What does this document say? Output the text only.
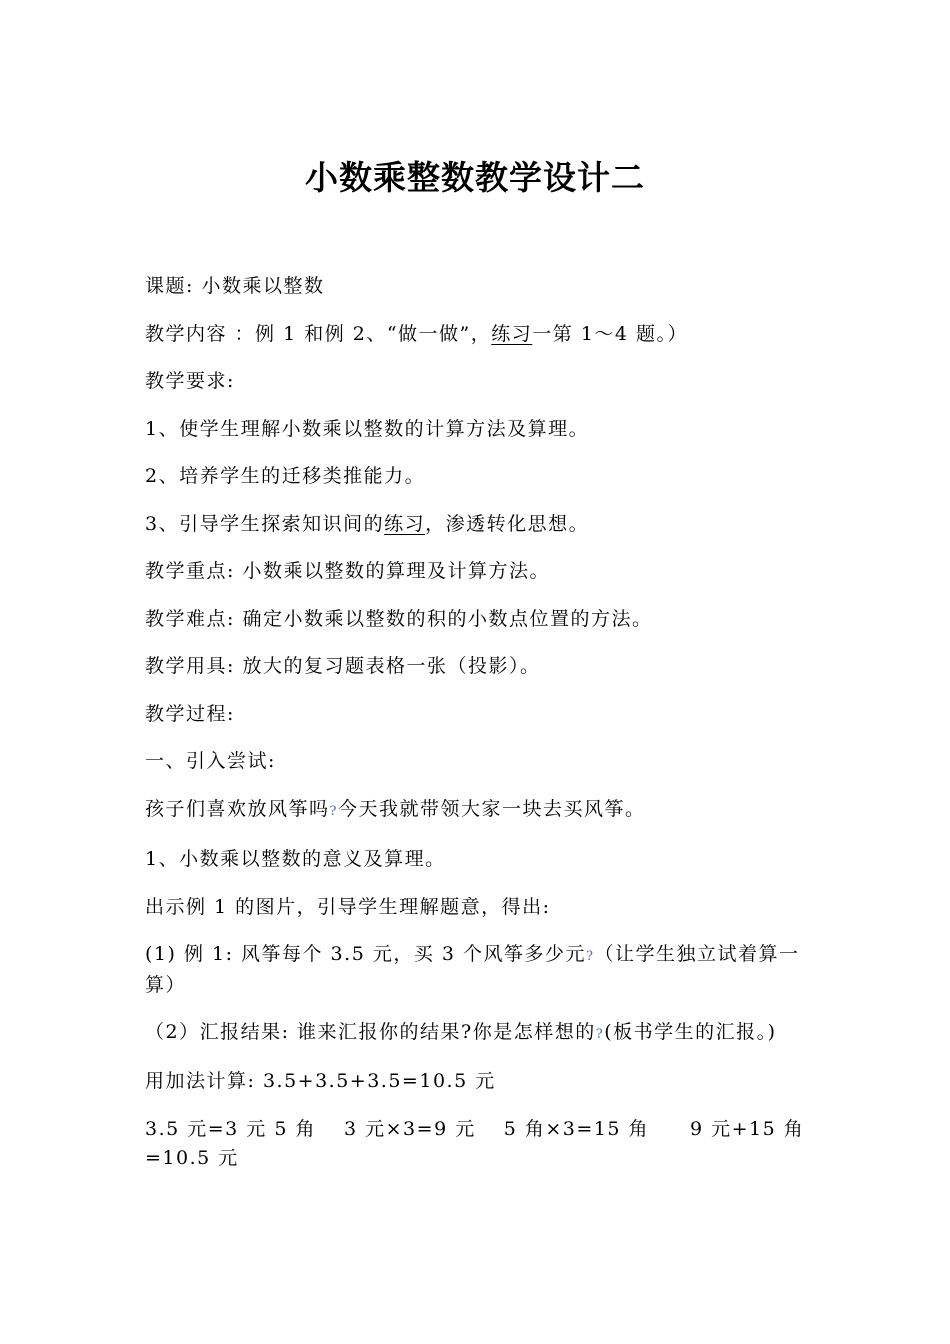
小数乘整数教学设计二

课题: 小数乘以整数

教学内容 ：例 1 和例 2、“做一做”，练习一第 1～4 题。）

教学要求:

1、使学生理解小数乘以整数的计算方法及算理。

2、培养学生的迁移类推能力。

3、引导学生探索知识间的练习，渗透转化思想。

教学重点: 小数乘以整数的算理及计算方法。

教学难点: 确定小数乘以整数的积的小数点位置的方法。

教学用具: 放大的复习题表格一张（投影）。

教学过程:

一、引入尝试:

孩子们喜欢放风筝吗?今天我就带领大家一块去买风筝。

1、小数乘以整数的意义及算理。

出示例 1 的图片，引导学生理解题意，得出:

(1) 例 1: 风筝每个 3.5 元，买 3 个风筝多少元?（让学生独立试着算一算）

（2）汇报结果: 谁来汇报你的结果?你是怎样想的?(板书学生的汇报。)

用加法计算: 3.5+3.5+3.5=10.5 元

3.5 元=3 元 5 角　 3 元×3=9 元　 5 角×3=15 角　　9 元+15 角=10.5 元
